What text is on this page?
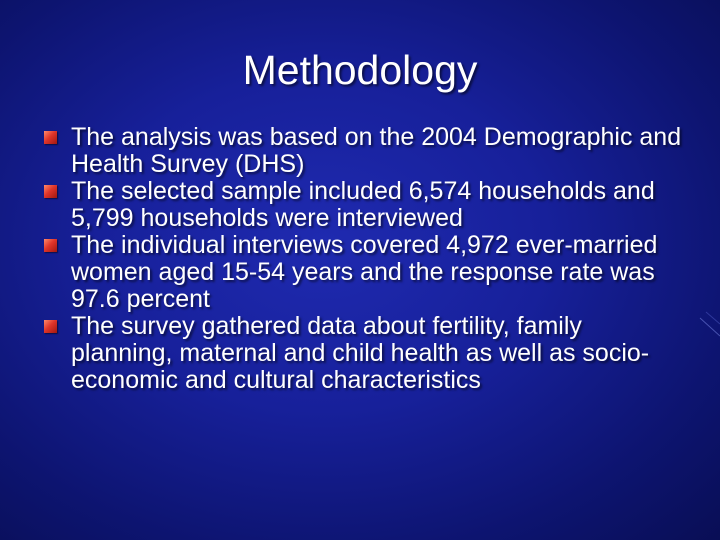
Methodology
The analysis was based on the 2004 Demographic and Health Survey (DHS)
The selected sample included 6,574 households and 5,799 households were interviewed
The individual interviews covered 4,972 ever-married women aged 15-54 years and the response rate was 97.6 percent
The survey gathered data about fertility, family planning, maternal and child health as well as socio-economic and cultural characteristics
